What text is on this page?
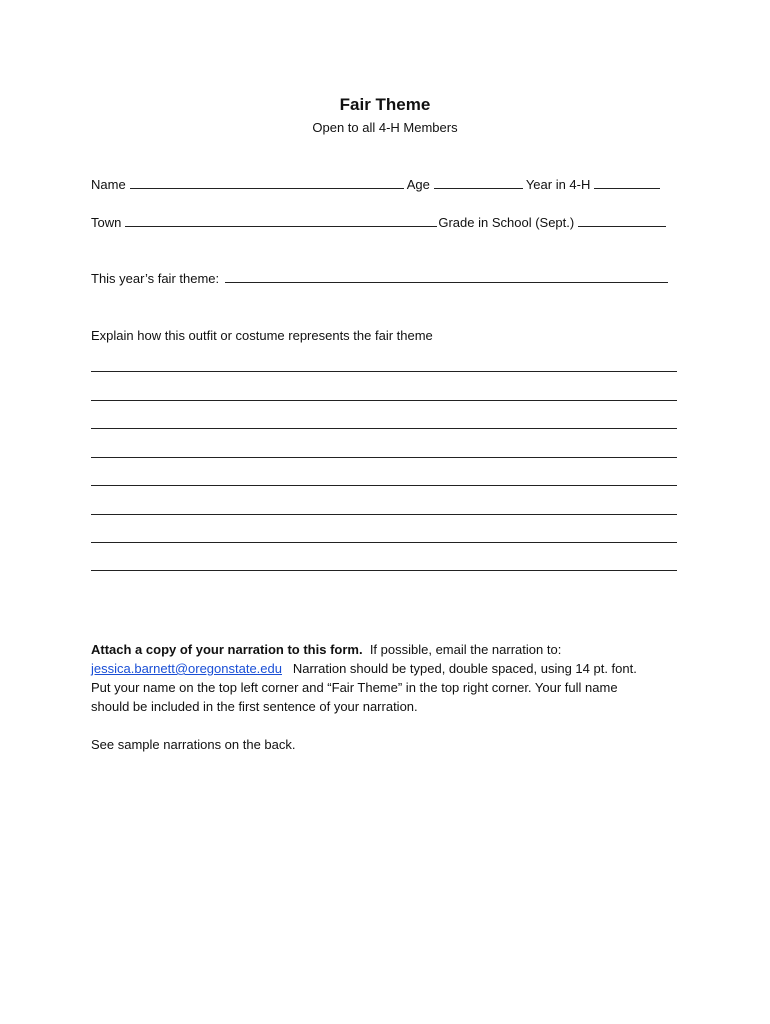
Fair Theme
Open to all 4-H Members
Name	Age	Year in 4-H
Town	Grade in School (Sept.)
This year’s fair theme:
Explain how this outfit or costume represents the fair theme
Attach a copy of your narration to this form. If possible, email the narration to:
jessica.barnett@oregonstate.edu Narration should be typed, double spaced, using 14 pt. font.
Put your name on the top left corner and “Fair Theme” in the top right corner. Your full name
should be included in the first sentence of your narration.
See sample narrations on the back.
